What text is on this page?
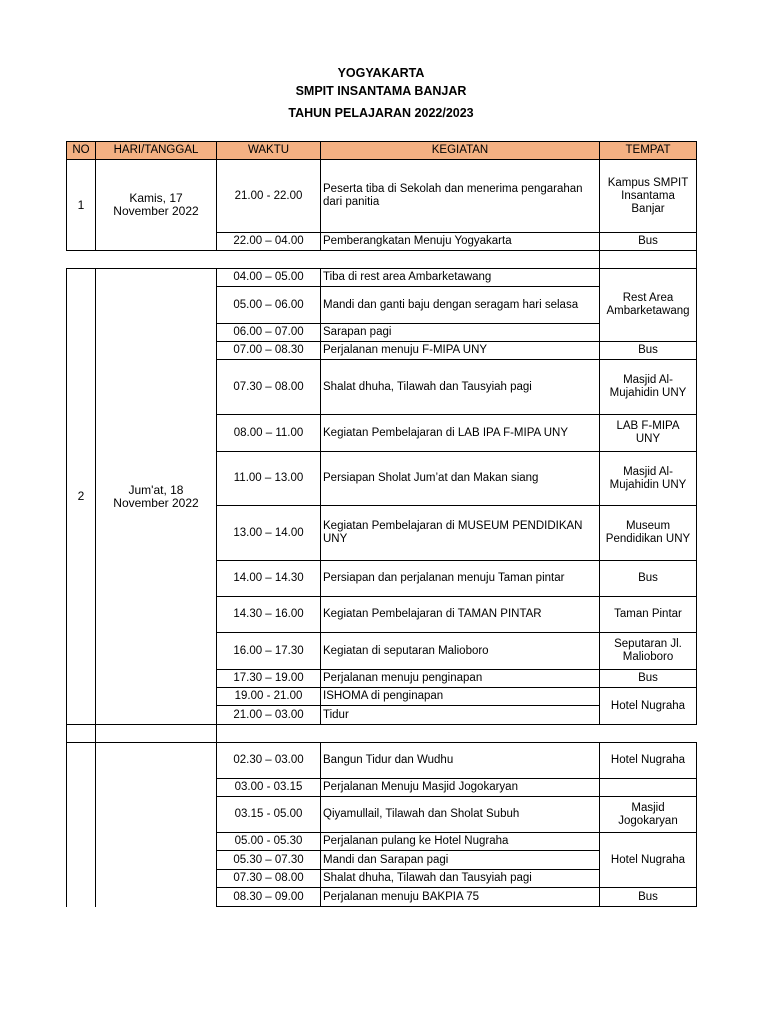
YOGYAKARTA
SMPIT INSANTAMA BANJAR
TAHUN PELAJARAN 2022/2023
NO	HARI/TANGGAL	WAKTU	KEGIATAN	TEMPAT
1	Kamis, 17 November 2022	21.00 - 22.00	Peserta tiba di Sekolah dan menerima pengarahan dari panitia	Kampus SMPIT Insantama Banjar
		22.00 – 04.00	Pemberangkatan Menuju Yogyakarta	Bus

2	Jum'at, 18 November 2022	04.00 – 05.00	Tiba di rest area Ambarketawang	Rest Area Ambarketawang
		05.00 – 06.00	Mandi dan ganti baju dengan seragam hari selasa	
		06.00 – 07.00	Sarapan pagi	
		07.00 – 08.30	Perjalanan menuju F-MIPA UNY	Bus
		07.30 – 08.00	Shalat dhuha, Tilawah dan Tausyiah pagi	Masjid Al-Mujahidin UNY
		08.00 – 11.00	Kegiatan Pembelajaran di LAB IPA F-MIPA UNY	LAB F-MIPA UNY
		11.00 – 13.00	Persiapan Sholat Jum’at dan Makan siang	Masjid Al-Mujahidin UNY
		13.00 – 14.00	Kegiatan Pembelajaran di MUSEUM PENDIDIKAN UNY	Museum Pendidikan UNY
		14.00 – 14.30	Persiapan dan perjalanan menuju Taman pintar	Bus
		14.30 – 16.00	Kegiatan Pembelajaran di TAMAN PINTAR	Taman Pintar
		16.00 – 17.30	Kegiatan di seputaran Malioboro	Seputaran Jl. Malioboro
		17.30 – 19.00	Perjalanan menuju penginapan	Bus
		19.00 - 21.00	ISHOMA di penginapan	Hotel Nugraha
		21.00 – 03.00	Tidur	

		02.30 – 03.00	Bangun Tidur dan Wudhu	Hotel Nugraha
		03.00 - 03.15	Perjalanan Menuju Masjid Jogokaryan	
		03.15 - 05.00	Qiyamullail, Tilawah dan Sholat Subuh	Masjid Jogokaryan
		05.00 - 05.30	Perjalanan pulang ke Hotel Nugraha	Hotel Nugraha
		05.30 – 07.30	Mandi dan Sarapan pagi	
		07.30 – 08.00	Shalat dhuha, Tilawah dan Tausyiah pagi	
		08.30 – 09.00	Perjalanan menuju BAKPIA 75	Bus
